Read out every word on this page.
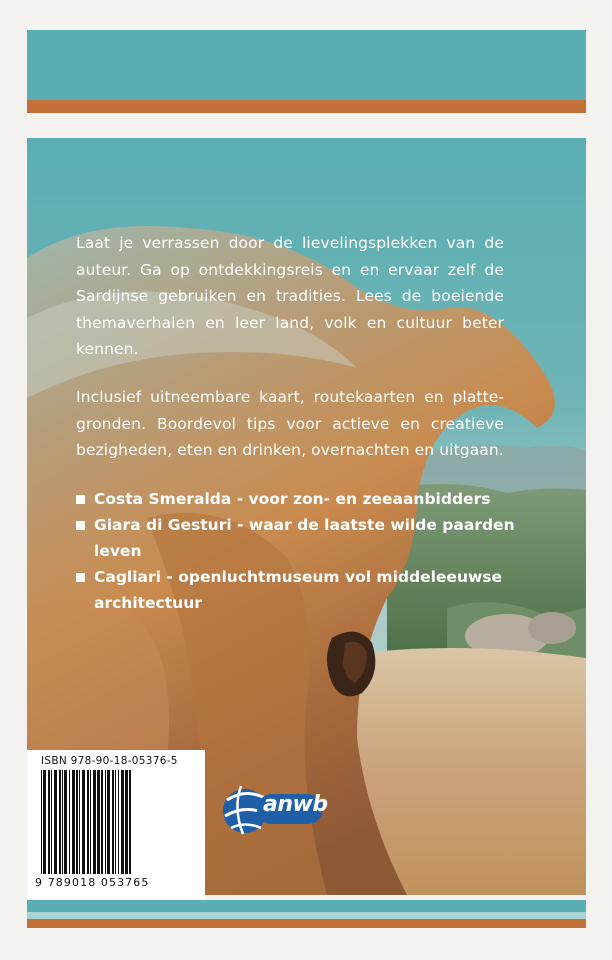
Laat je verrassen door de lievelingsplekken van de auteur. Ga op ontdekkingsreis en en ervaar zelf de Sardijnse gebruiken en tradities. Lees de boeiende themaverhalen en leer land, volk en cultuur beter kennen.
Inclusief uitneembare kaart, routekaarten en plattegronden. Boordevol tips voor actieve en creatieve bezigheden, eten en drinken, overnachten en uitgaan.
Costa Smeralda - voor zon- en zeeaanbidders
Giara di Gesturi - waar de laatste wilde paarden leven
Cagliari - openluchtmuseum vol middeleeuwse architectuur
ISBN 978-90-18-05376-5
9 789018 053765
anwb
